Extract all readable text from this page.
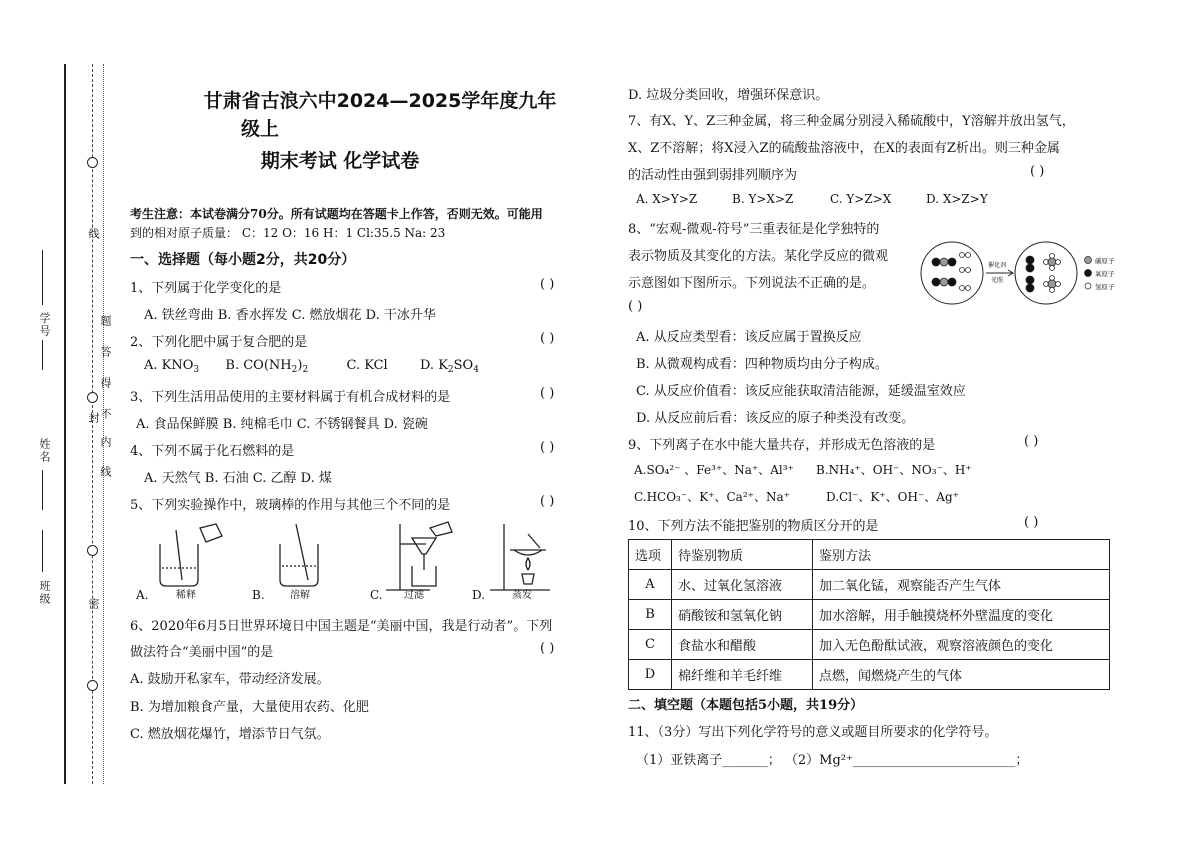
学号
姓名
班级
线
题
答
得
不
内
线
封
密
甘肃省古浪六中2024—2025学年度九年
级上
期末考试 化学试卷
考生注意：本试卷满分70分。所有试题均在答题卡上作答，否则无效。可能用
到的相对原子质量： C：12 O：16 H：1 Cl:35.5 Na: 23
一、选择题（每小题2分，共20分）
1、下列属于化学变化的是	( )
A. 铁丝弯曲 B. 香水挥发 C. 燃放烟花 D. 干冰升华
2、下列化肥中属于复合肥的是	( )
A. $KNO_3$ B. $CO(NH_2)_2$	C. KCl D. $K_2SO_4$
3、下列生活用品使用的主要材料属于有机合成材料的是	( )
A. 食品保鲜膜 B. 纯棉毛巾 C. 不锈钢餐具 D. 瓷碗
4、下列不属于化石燃料的是	( )
A. 天然气 B. 石油 C. 乙醇 D. 煤
5、下列实验操作中，玻璃棒的作用与其他三个不同的是	( )
A.	稀释	B.	溶解	C. 过滤	D.	蒸发
6、2020年6月5日世界环境日中国主题是“美丽中国，我是行动者”。下列
做法符合“美丽中国”的是	( )
A. 鼓励开私家车，带动经济发展。
B. 为增加粮食产量，大量使用农药、化肥
C. 燃放烟花爆竹，增添节日气氛。
D. 垃圾分类回收，增强环保意识。
7、有X、Y、Z三种金属，将三种金属分别浸入稀硫酸中，Y溶解并放出氢气，
X、Z不溶解；将X浸入Z的硫酸盐溶液中，在X的表面有Z析出。则三种金属
的活动性由强到弱排列顺序为	( )
A. X>Y>Z	B. Y>X>Z	C. Y>Z>X	D. X>Z>Y
8、“宏观-微观-符号”三重表征是化学独特的
表示物质及其变化的方法。某化学反应的微观
示意图如下图所示。下列说法不正确的是。
( )
催化剂
光照
碳原子
氧原子
氢原子
A. 从反应类型看：该反应属于置换反应
B. 从微观构成看：四种物质均由分子构成。
C. 从反应价值看：该反应能获取清洁能源，延缓温室效应
D. 从反应前后看：该反应的原子种类没有改变。
9、下列离子在水中能大量共存，并形成无色溶液的是	( )
A.SO₄²⁻ 、Fe³⁺、Na⁺、Al³⁺ B.NH₄⁺、OH⁻、NO₃⁻、H⁺
C.HCO₃⁻、K⁺、Ca²⁺、Na⁺	D.Cl⁻、K⁺、OH⁻、Ag⁺
10、下列方法不能把鉴别的物质区分开的是	( )
选项	待鉴别物质	鉴别方法
A	水、过氧化氢溶液	加二氧化锰，观察能否产生气体
B	硝酸铵和氢氧化钠	加水溶解，用手触摸烧杯外壁温度的变化
C	食盐水和醋酸	加入无色酚酞试液，观察溶液颜色的变化
D	棉纤维和羊毛纤维	点燃，闻燃烧产生的气体
二、填空题（本题包括5小题，共19分）
11、（3分）写出下列化学符号的意义或题目所要求的化学符号。
（1）亚铁离子_______； （2）Mg²⁺_________________________；
